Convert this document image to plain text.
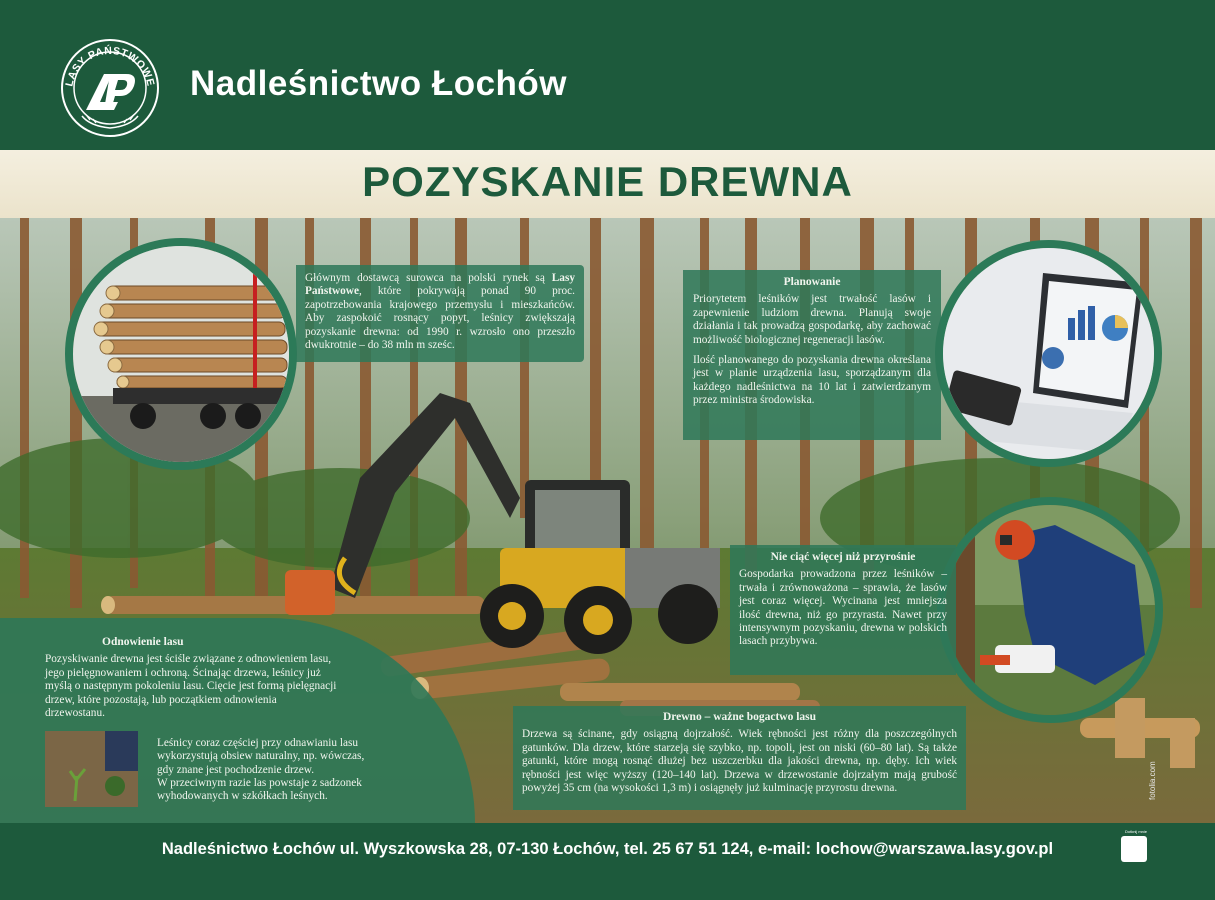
LASY PAŃSTWOWE Nadleśnictwo Łochów
POZYSKANIE DREWNA

Głównym dostawcą surowca na polski rynek są Lasy Państwowe, które pokrywają ponad 90 proc. zapotrzebowania krajowego przemysłu i mieszkańców. Aby zaspokoić rosnący popyt, leśnicy zwiększają pozyskanie drewna: od 1990 r. wzrosło ono przeszło dwukrotnie – do 38 mln m sześc.

Planowanie

Priorytetem leśników jest trwałość lasów i zapewnienie ludziom drewna. Planują swoje działania i tak prowadzą gospodarkę, aby zachować możliwość biologicznej regeneracji lasów.

Ilość planowanego do pozyskania drewna określana jest w planie urządzenia lasu, sporządzanym dla każdego nadleśnictwa na 10 lat i zatwierdzanym przez ministra środowiska.

Nie ciąć więcej niż przyrośnie

Gospodarka prowadzona przez leśników – trwała i zrównoważona – sprawia, że lasów jest coraz więcej. Wycinana jest mniejsza ilość drewna, niż go przyrasta. Nawet przy intensywnym pozyskaniu, drewna w polskich lasach przybywa.

Odnowienie lasu

Pozyskiwanie drewna jest ściśle związane z odnowieniem lasu, jego pielęgnowaniem i ochroną. Ścinając drzewa, leśnicy już myślą o następnym pokoleniu lasu. Cięcie jest formą pielęgnacji drzew, które pozostają, lub początkiem odnowienia drzewostanu.

Leśnicy coraz częściej przy odnawianiu lasu wykorzystują obsiew naturalny, np. wówczas, gdy znane jest pochodzenie drzew.

W przeciwnym razie las powstaje z sadzonek wyhodowanych w szkółkach leśnych.

Drewno – ważne bogactwo lasu

Drzewa są ścinane, gdy osiągną dojrzałość. Wiek rębności jest różny dla poszczególnych gatunków. Dla drzew, które starzeją się szybko, np. topoli, jest on niski (60–80 lat). Są także gatunki, które mogą rosnąć dłużej bez uszczerbku dla jakości drewna, np. dęby. Ich wiek rębności jest więc wyższy (120–140 lat). Drzewa w drzewostanie dojrzałym mają grubość powyżej 35 cm (na wysokości 1,3 m) i osiągnęły już kulminację przyrostu drewna.	fotolia.com
Nadleśnictwo Łochów ul. Wyszkowska 28, 07-130 Łochów, tel. 25 67 51 124, e-mail: lochow@warszawa.lasy.gov.pl
Dotknij mnie
